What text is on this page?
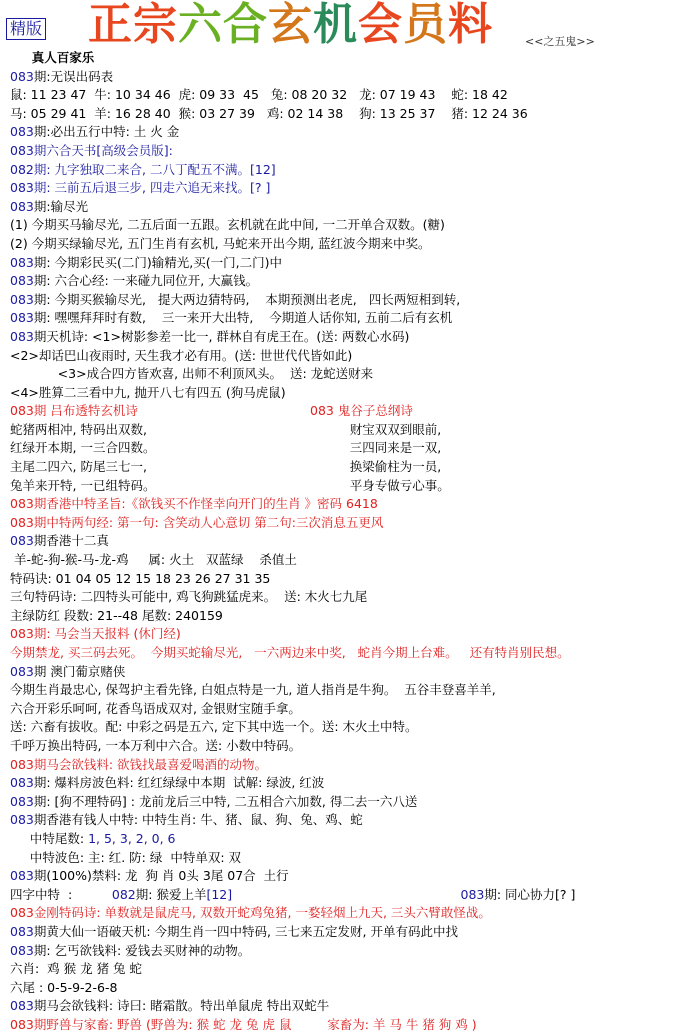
精版 正宗六合玄机会员料	<<之五鬼>>
真人百家乐
083期:无误出码表
鼠: 11 23 47  牛: 10 34 46  虎: 09 33  45   兔: 08 20 32   龙: 07 19 43    蛇: 18 42
马: 05 29 41  羊: 16 28 40  猴: 03 27 39   鸡: 02 14 38    狗: 13 25 37    猪: 12 24 36
083期:必出五行中特: 土 火 金
083期六合天书[高级会员版]:
082期: 九字独取二来合, 二八丁配五不满。[12]
083期: 三前五后退三步, 四走六追无来找。[? ]
083期:输尽光
(1) 今期买马输尽光, 二五后面一五跟。玄机就在此中间, 一二开单合双数。(糖)
(2) 今期买绿输尽光, 五门生肖有玄机, 马蛇来开出今期, 蓝红波今期来中奖。
083期: 今期彩民买(二门)输精光,买(一门,二门)中
083期: 六合心经: 一来碰九同位开, 大赢钱。
083期: 今期买猴输尽光,   提大两边猜特码,    本期预测出老虎,   四长两短相到转,
083期: 嘿嘿拜拜时有数,    三一来开大出特,    今期道人话你知, 五前二后有玄机
083期天机诗: <1>树影参差一比一, 群林自有虎王在。(送: 两数心水码)
<2>却话巴山夜雨时, 天生我才必有用。(送: 世世代代皆如此)
<3>成合四方皆欢喜, 出师不利顶风头。  送: 龙蛇送财来
<4>胜算二三看中九, 抛开八七有四五 (狗马虎鼠)
083期 吕布透特玄机诗	083 鬼谷子总纲诗
蛇猪两相冲, 特码出双数,	财宝双双到眼前,
红绿开本期, 一三合四数。	三四同来是一双,
主尾二四六, 防尾三七一,	换梁偷柱为一员,
兔羊来开特, 一已组特码。	平身专做亏心事。
083期香港中特圣旨:《欲钱买不作怪幸向开门的生肖 》密码 6418
083期中特两句经: 第一句: 含笑动人心意切 第二句:三次消息五更风
083期香港十二真
羊-蛇-狗-猴-马-龙-鸡     属: 火土   双蓝绿    杀值土
特码诀: 01 04 05 12 15 18 23 26 27 31 35
三句特码诗: 二四特头可能中, 鸡飞狗跳猛虎来。  送: 木火七九尾
主绿防红 段数: 21--48 尾数: 240159
083期: 马会当天报料 (休门经)
今期禁龙, 买三码去死。  今期买蛇输尽光,   一六两边来中奖,   蛇肖今期上台难。   还有特肖别民想。
083期 澳门葡京赌侠
今期生肖最忠心, 保驾护主看先锋, 白姐点特是一九, 道人指肖是牛狗。  五谷丰登喜羊羊,
六合开彩乐呵呵, 花香鸟语成双对, 金银财宝随手拿。
送: 六畜有拔收。配: 中彩之码是五六, 定下其中选一个。送: 木火土中特。
千呼万换出特码, 一本万利中六合。送: 小数中特码。
083期马会欲钱料: 欲钱找最喜爱喝酒的动物。
083期: 爆料房波色料: 红红绿绿中本期  试解: 绿波, 红波
083期: [狗不理特码] : 龙前龙后三中特, 二五相合六加数, 得二去一六八送
083期香港有钱人中特: 中特生肖: 牛、猪、鼠、狗、兔、鸡、蛇
中特尾数: 1, 5, 3, 2, 0, 6
中特波色: 主: 红. 防: 绿  中特单双: 双
083期(100%)禁料: 龙  狗 肖 0头 3尾 07合  土行
四字中特  :          082期: 猴爱上羊[12]	083期: 同心协力[? ]
083金刚特码诗: 单数就是鼠虎马, 双数开蛇鸡兔猪, 一婺轻烟上九天, 三头六臂敢怪战。
083期黄大仙一语破天机: 今期生肖一四中特码, 三七来五定发财, 开单有码此中找
083期: 乞丐欲钱料: 爱钱去买财神的动物。
六肖:  鸡 猴 龙 猪 兔 蛇
六尾 : 0-5-9-2-6-8
083期马会欲钱料: 诗曰: 睹霜散。特出单鼠虎 特出双蛇牛
083期野兽与家畜: 野兽 (野兽为: 猴 蛇 龙 兔 虎 鼠         家畜为: 羊 马 牛 猪 狗 鸡 )
